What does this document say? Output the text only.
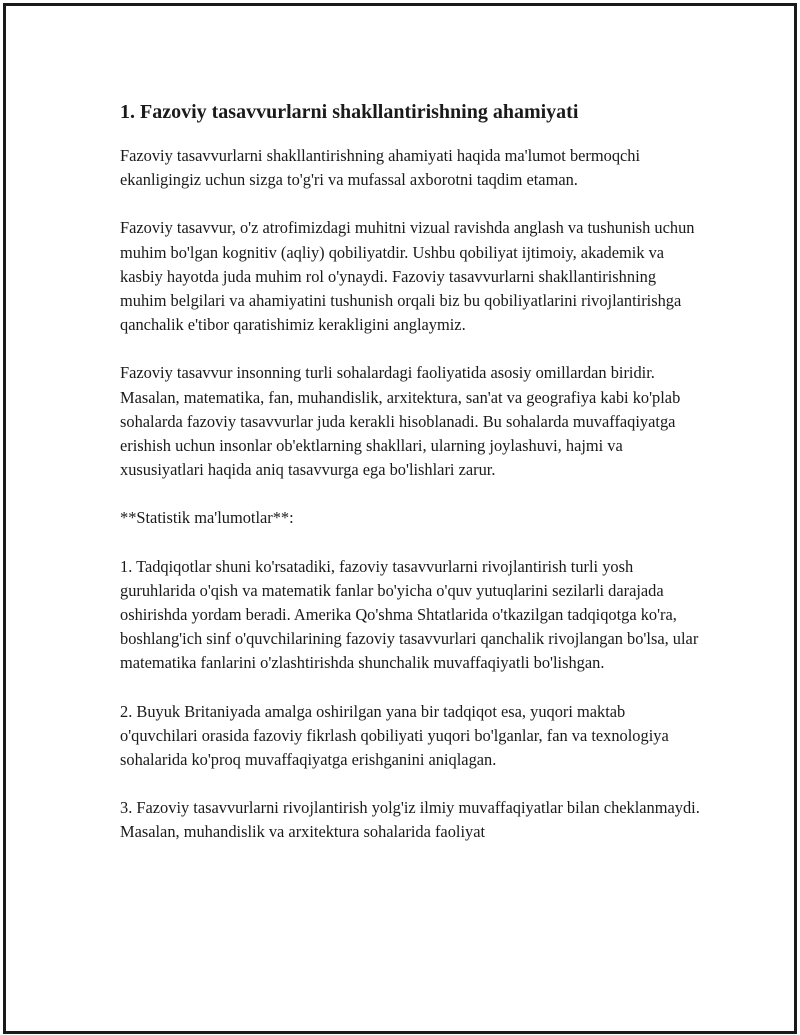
1. Fazoviy tasavvurlarni shakllantirishning ahamiyati

Fazoviy tasavvurlarni shakllantirishning ahamiyati haqida ma'lumot bermoqchi ekanligingiz uchun sizga to'g'ri va mufassal axborotni taqdim etaman.

Fazoviy tasavvur, o'z atrofimizdagi muhitni vizual ravishda anglash va tushunish uchun muhim bo'lgan kognitiv (aqliy) qobiliyatdir. Ushbu qobiliyat ijtimoiy, akademik va kasbiy hayotda juda muhim rol o'ynaydi. Fazoviy tasavvurlarni shakllantirishning muhim belgilari va ahamiyatini tushunish orqali biz bu qobiliyatlarini rivojlantirishga qanchalik e'tibor qaratishimiz kerakligini anglaymiz.

Fazoviy tasavvur insonning turli sohalardagi faoliyatida asosiy omillardan biridir. Masalan, matematika, fan, muhandislik, arxitektura, san'at va geografiya kabi ko'plab sohalarda fazoviy tasavvurlar juda kerakli hisoblanadi. Bu sohalarda muvaffaqiyatga erishish uchun insonlar ob'ektlarning shakllari, ularning joylashuvi, hajmi va xususiyatlari haqida aniq tasavvurga ega bo'lishlari zarur.

**Statistik ma'lumotlar**:

1. Tadqiqotlar shuni ko'rsatadiki, fazoviy tasavvurlarni rivojlantirish turli yosh guruhlarida o'qish va matematik fanlar bo'yicha o'quv yutuqlarini sezilarli darajada oshirishda yordam beradi. Amerika Qo'shma Shtatlarida o'tkazilgan tadqiqotga ko'ra, boshlang'ich sinf o'quvchilarining fazoviy tasavvurlari qanchalik rivojlangan bo'lsa, ular matematika fanlarini o'zlashtirishda shunchalik muvaffaqiyatli bo'lishgan.

2. Buyuk Britaniyada amalga oshirilgan yana bir tadqiqot esa, yuqori maktab o'quvchilari orasida fazoviy fikrlash qobiliyati yuqori bo'lganlar, fan va texnologiya sohalarida ko'proq muvaffaqiyatga erishganini aniqlagan.

3. Fazoviy tasavvurlarni rivojlantirish yolg'iz ilmiy muvaffaqiyatlar bilan cheklanmaydi. Masalan, muhandislik va arxitektura sohalarida faoliyat
